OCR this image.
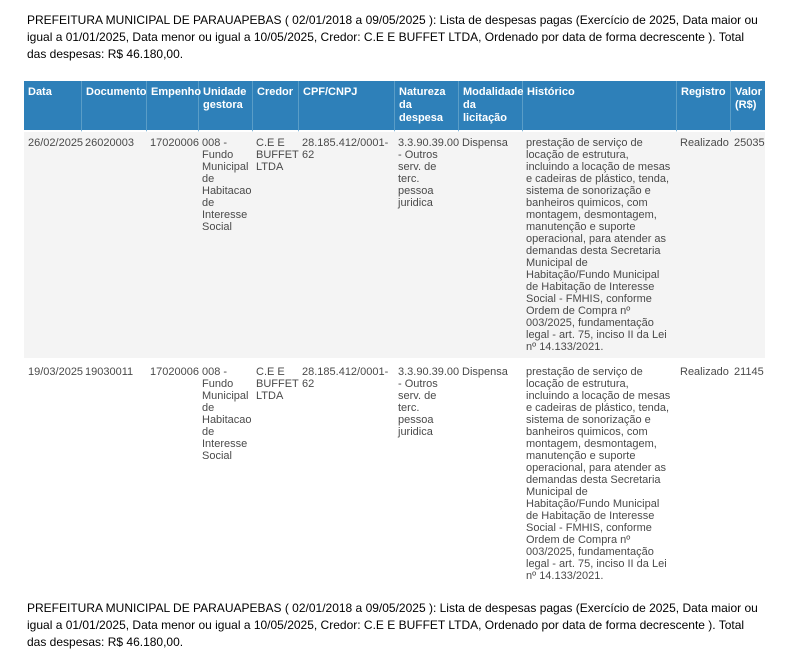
PREFEITURA MUNICIPAL DE PARAUAPEBAS ( 02/01/2018 a 09/05/2025 ): Lista de despesas pagas (Exercício de 2025, Data maior ou igual a 01/01/2025, Data menor ou igual a 10/05/2025, Credor: C.E E BUFFET LTDA, Ordenado por data de forma decrescente ). Total das despesas: R$ 46.180,00.

Data	Documento	Empenho	Unidade gestora	Credor	CPF/CNPJ	Natureza da despesa	Modalidade da licitação	Histórico	Registro	Valor (R$)
26/02/2025	26020003	17020006	008 - Fundo Municipal de Habitacao de Interesse Social	C.E E BUFFET LTDA	28.185.412/0001-62	3.3.90.39.00 - Outros serv. de terc. pessoa juridica	Dispensa	prestação de serviço de locação de estrutura, incluindo a locação de mesas e cadeiras de plástico, tenda, sistema de sonorização e banheiros quimicos, com montagem, desmontagem, manutenção e suporte operacional, para atender as demandas desta Secretaria Municipal de Habitação/Fundo Municipal de Habitação de Interesse Social - FMHIS, conforme Ordem de Compra nº 003/2025, fundamentação legal - art. 75, inciso II da Lei nº 14.133/2021.	Realizado	25035
19/03/2025	19030011	17020006	008 - Fundo Municipal de Habitacao de Interesse Social	C.E E BUFFET LTDA	28.185.412/0001-62	3.3.90.39.00 - Outros serv. de terc. pessoa juridica	Dispensa	prestação de serviço de locação de estrutura, incluindo a locação de mesas e cadeiras de plástico, tenda, sistema de sonorização e banheiros quimicos, com montagem, desmontagem, manutenção e suporte operacional, para atender as demandas desta Secretaria Municipal de Habitação/Fundo Municipal de Habitação de Interesse Social - FMHIS, conforme Ordem de Compra nº 003/2025, fundamentação legal - art. 75, inciso II da Lei nº 14.133/2021.	Realizado	21145

PREFEITURA MUNICIPAL DE PARAUAPEBAS ( 02/01/2018 a 09/05/2025 ): Lista de despesas pagas (Exercício de 2025, Data maior ou igual a 01/01/2025, Data menor ou igual a 10/05/2025, Credor: C.E E BUFFET LTDA, Ordenado por data de forma decrescente ). Total das despesas: R$ 46.180,00.
